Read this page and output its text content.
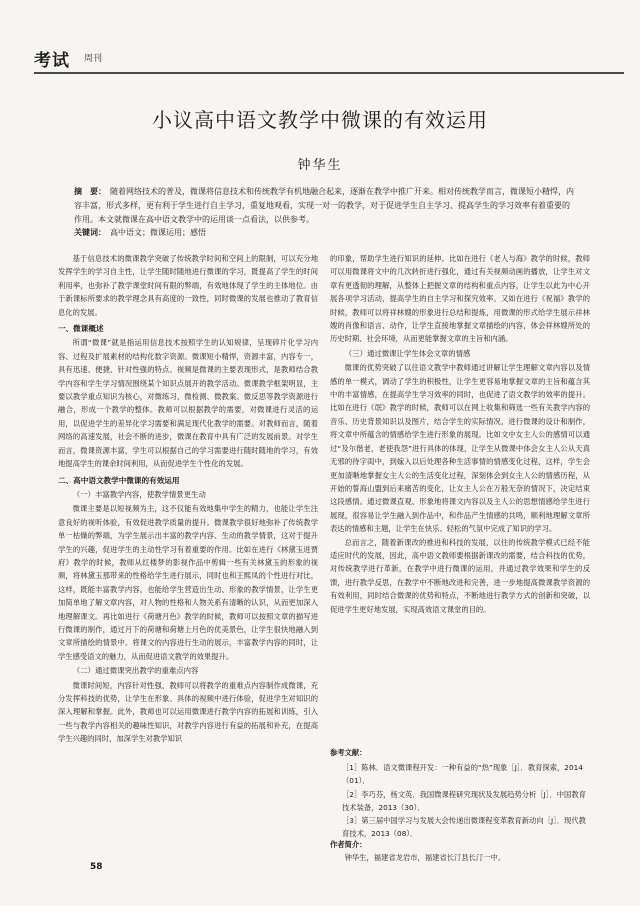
考试 周刊
小议高中语文教学中微课的有效运用
钟华生
摘　要： 随着网络技术的普及，微课将信息技术和传统教学有机地融合起来，逐渐在教学中推广开来。相对传统教学而言，微课短小精悍，内容丰富，形式多样，更有利于学生进行自主学习，重复地观看，实现一对一的教学，对于促进学生自主学习、提高学生的学习效率有着重要的作用。本文就微课在高中语文教学中的运用谈一点看法，以供参考。
关键词： 高中语文；微课运用；感悟

基于信息技术的微课教学突破了传统教学时间和空间上的限制，可以充分地发挥学生的学习自主性，让学生随时随地进行微课的学习，既提高了学生的时间利用率，也弥补了教学课堂时间有限的弊端，有效地体现了学生的主体地位。由于新课标所要求的教学理念具有高度的一致性，同时微课的发展也推动了教育信息化的发展。

一、微课概述

所谓“微课”就是指运用信息技术按照学生的认知规律，呈现碎片化学习内容、过程及扩展素材的结构化数字资源。微课短小精悍，资源丰富，内容专一，具有迅速、便捷、针对性强的特点。视频是微课的主要表现形式，是教师结合教学内容和学生学习情况围绕某个知识点展开的教学活动。微课教学框架明显，主要以教学重点知识为核心，对微练习、微检测、微教案、微反思等教学资源进行融合，形成一个教学的整体。教师可以根据教学的需要，对微课进行灵活的运用，以促进学生的差异化学习需要和满足现代化教学的需要。对教师而言，随着网络的高速发展，社会不断的进步，微课在教育中具有广泛的发展前景。对学生而言，微课资源丰富，学生可以根据自己的学习需要进行随时随地的学习，有效地提高学生的课余时间利用，从而促进学生个性化的发展。

二、高中语文教学中微课的有效运用
（一）丰富教学内容，使教学情景更生动

微课主要是以短视频为主，这不仅能有效地集中学生的精力，也能让学生注意良好的视听体验，有效促进教学质量的提升。微课教学很好地弥补了传统教学单一枯燥的弊端，为学生展示出丰富的教学内容、生动的教学情景，这对于提升学生的兴趣，促进学生的主动性学习有着重要的作用。比如在进行《林黛玉进贾府》教学的时候，教师从红楼梦的影视作品中剪辑一些有关林黛玉的形象的视频，将林黛玉那带来的性格给学生进行展示，同时也和王熙凤的个性进行对比，这样，既能丰富教学内容，也能给学生营造出生动、形象的教学情景，让学生更加简单地了解文章内容，对人物的性格和人物关系有清晰的认识，从而更加深入地理解课文。再比如进行《荷塘月色》教学的时候，教师可以按照文章的描写进行微课的制作，通过月下的荷塘和荷塘上月色的优美景色，让学生很快地融入到文章所描绘的情景中。将课文的内容进行生动的展示，丰富教学内容的同时，让学生感受语文的魅力，从而促进语文教学的效果提升。

（二）通过微课突出教学的重难点内容

微课时间短，内容针对性强，教师可以将教学的重难点内容制作成微课，充分发挥科技的优势，让学生在形象、具体的视频中进行体验，促进学生对知识的深入理解和掌握。此外，教师也可以运用微课进行教学内容的拓展和训练，引入一些与教学内容相关的趣味性知识，对教学内容进行有益的拓展和补充，在提高学生兴趣的同时，加深学生对教学知识

的印象，帮助学生进行知识的延伸。比如在进行《老人与海》教学的时候，教师可以用微课将文中的几次转折进行强化，通过有关视频动画的播放，让学生对文章有更透彻的理解，从整体上把握文章的结构和重点内容，让学生以此为中心开展各项学习活动，提高学生的自主学习和探究效率。又如在进行《祝福》教学的时候，教师可以将祥林嫂的形象进行总结和提炼，用微课的形式给学生展示祥林嫂的肖像和语言、动作，让学生直接地掌握文章描绘的内容，体会祥林嫂所处的历史时期、社会环境，从而更能掌握文章的主旨和内涵。

（三）通过微课让学生体会文章的情感

微课的优势突破了以往语文教学中教师通过讲解让学生理解文章内容以及情感的单一模式，调动了学生的积极性，让学生更容易地掌握文章的主旨和蕴含其中的丰富情感，在提高学生学习效率的同时，也促进了语文教学的效率的提升。比如在进行《氓》教学的时候，教师可以在网上收集和筛选一些有关教学内容的音乐、历史背景知识以及图片，结合学生的实际情况，进行微课的设计和制作，将文章中所蕴含的情感给学生进行形象的展现。比如文中女主人公的感情可以通过“及尔偕老，老使我怨”进行具体的体现，让学生从微课中体会女主人公从天真无邪的待字闺中，到嫁入以后处理各种生活事情的情感变化过程，这样，学生会更加清晰地掌握女主人公的生活变化过程，深刻体会到女主人公的情感历程，从开始的誓海山盟到后来痛苦的变化，让女主人公在万般无奈的情况下，决定结束这段感情。通过微课直观、形象地将课文内容以及主人公的思想情感给学生进行展现，很容易让学生融入到作品中，和作品产生情感的共鸣，顺利地理解文章所表达的情感和主题，让学生在快乐、轻松的气氛中完成了知识的学习。

总而言之，随着新课改的推进和科技的发展，以往的传统教学模式已经不能适应时代的发展，因此，高中语文教师要根据新课改的需要，结合科技的优势，对传统教学进行革新，在教学中进行微课的运用，并通过教学效果和学生的反馈，进行教学反思，在教学中不断地改进和完善，进一步地提高微课教学资源的有效利用，同时结合微课的优势和特点，不断地进行教学方式的创新和突破，以促进学生更好地发展，实现高效语文课堂的目的。

参考文献：
［1］陈林．语文微课程开发：一种有益的“热”现象［J］．教育探索，2014（01）．
［2］李巧芬，杨文英．我国微课程研究现状及发展趋势分析［J］．中国教育技术装备，2013（30）．
［3］第三届中国学习与发展大会传递出微课程变革教育新动向［J］．现代教育技术，2013（08）．
作者简介：
钟华生，福建省龙岩市，福建省长汀县长汀一中。
58
